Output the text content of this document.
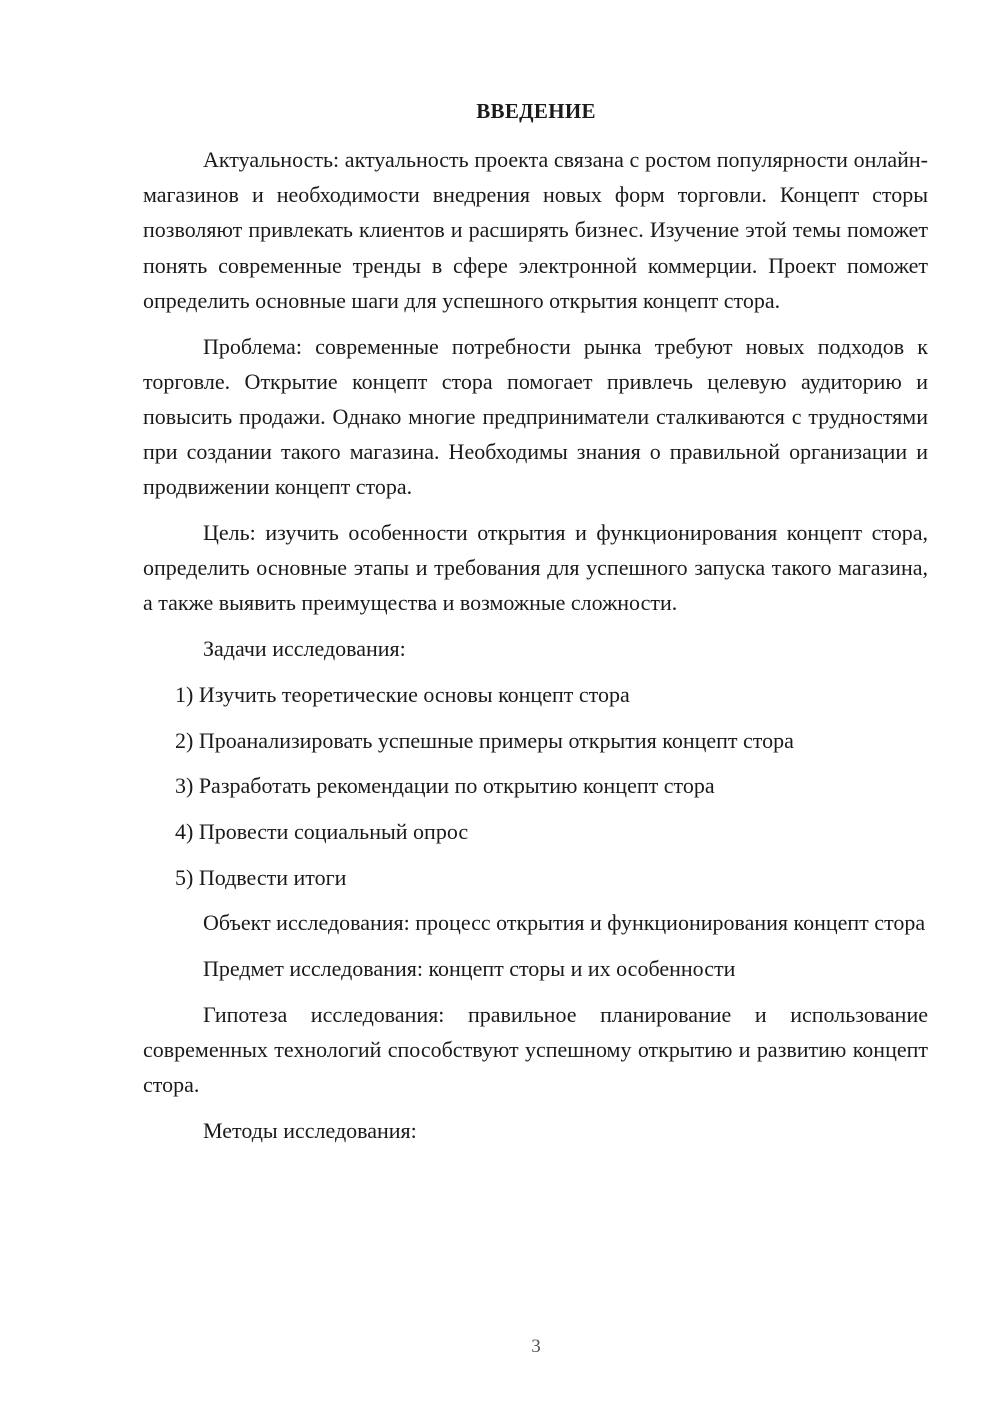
ВВЕДЕНИЕ

Актуальность: актуальность проекта связана с ростом популярности онлайн-магазинов и необходимости внедрения новых форм торговли. Концепт сторы позволяют привлекать клиентов и расширять бизнес. Изучение этой темы поможет понять современные тренды в сфере электронной коммерции. Проект поможет определить основные шаги для успешного открытия концепт стора.

Проблема: современные потребности рынка требуют новых подходов к торговле. Открытие концепт стора помогает привлечь целевую аудиторию и повысить продажи. Однако многие предприниматели сталкиваются с трудностями при создании такого магазина. Необходимы знания о правильной организации и продвижении концепт стора.

Цель: изучить особенности открытия и функционирования концепт стора, определить основные этапы и требования для успешного запуска такого магазина, а также выявить преимущества и возможные сложности.

Задачи исследования:

1) Изучить теоретические основы концепт стора

2) Проанализировать успешные примеры открытия концепт стора

3) Разработать рекомендации по открытию концепт стора

4) Провести социальный опрос

5) Подвести итоги

Объект исследования: процесс открытия и функционирования концепт стора

Предмет исследования: концепт сторы и их особенности

Гипотеза исследования: правильное планирование и использование современных технологий способствуют успешному открытию и развитию концепт стора.

Методы исследования:

3
